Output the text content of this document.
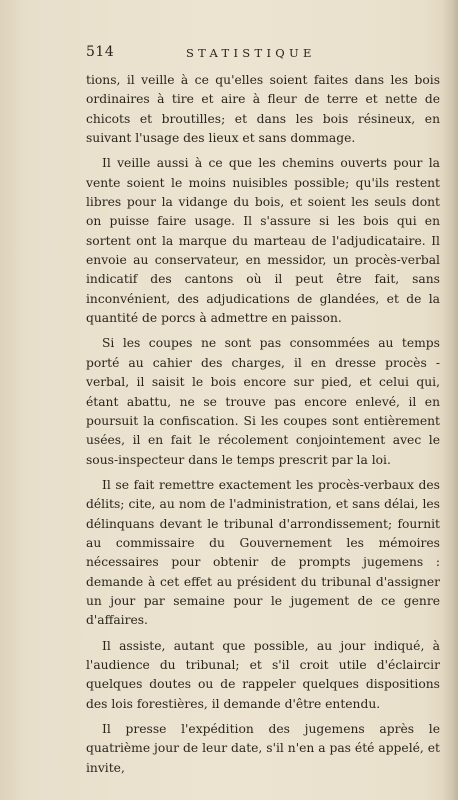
514	STATISTIQUE

tions, il veille à ce qu'elles soient faites dans les bois ordinaires à tire et aire à fleur de terre et nette de chicots et broutilles; et dans les bois résineux, en suivant l'usage des lieux et sans dommage.

Il veille aussi à ce que les chemins ouverts pour la vente soient le moins nuisibles possible; qu'ils restent libres pour la vidange du bois, et soient les seuls dont on puisse faire usage. Il s'assure si les bois qui en sortent ont la marque du marteau de l'adjudicataire. Il envoie au conservateur, en messidor, un procès-verbal indicatif des cantons où il peut être fait, sans inconvénient, des adjudications de glandées, et de la quantité de porcs à admettre en paisson.

Si les coupes ne sont pas consommées au temps porté au cahier des charges, il en dresse procès - verbal, il saisit le bois encore sur pied, et celui qui, étant abattu, ne se trouve pas encore enlevé, il en poursuit la confiscation. Si les coupes sont entièrement usées, il en fait le récolement conjointement avec le sous-inspecteur dans le temps prescrit par la loi.

Il se fait remettre exactement les procès-verbaux des délits; cite, au nom de l'administration, et sans délai, les délinquans devant le tribunal d'arrondissement; fournit au commissaire du Gouvernement les mémoires nécessaires pour obtenir de prompts jugemens : demande à cet effet au président du tribunal d'assigner un jour par semaine pour le jugement de ce genre d'affaires.

Il assiste, autant que possible, au jour indiqué, à l'audience du tribunal; et s'il croit utile d'éclaircir quelques doutes ou de rappeler quelques dispositions des lois forestières, il demande d'être entendu.

Il presse l'expédition des jugemens après le quatrième jour de leur date, s'il n'en a pas été appelé, et invite,
